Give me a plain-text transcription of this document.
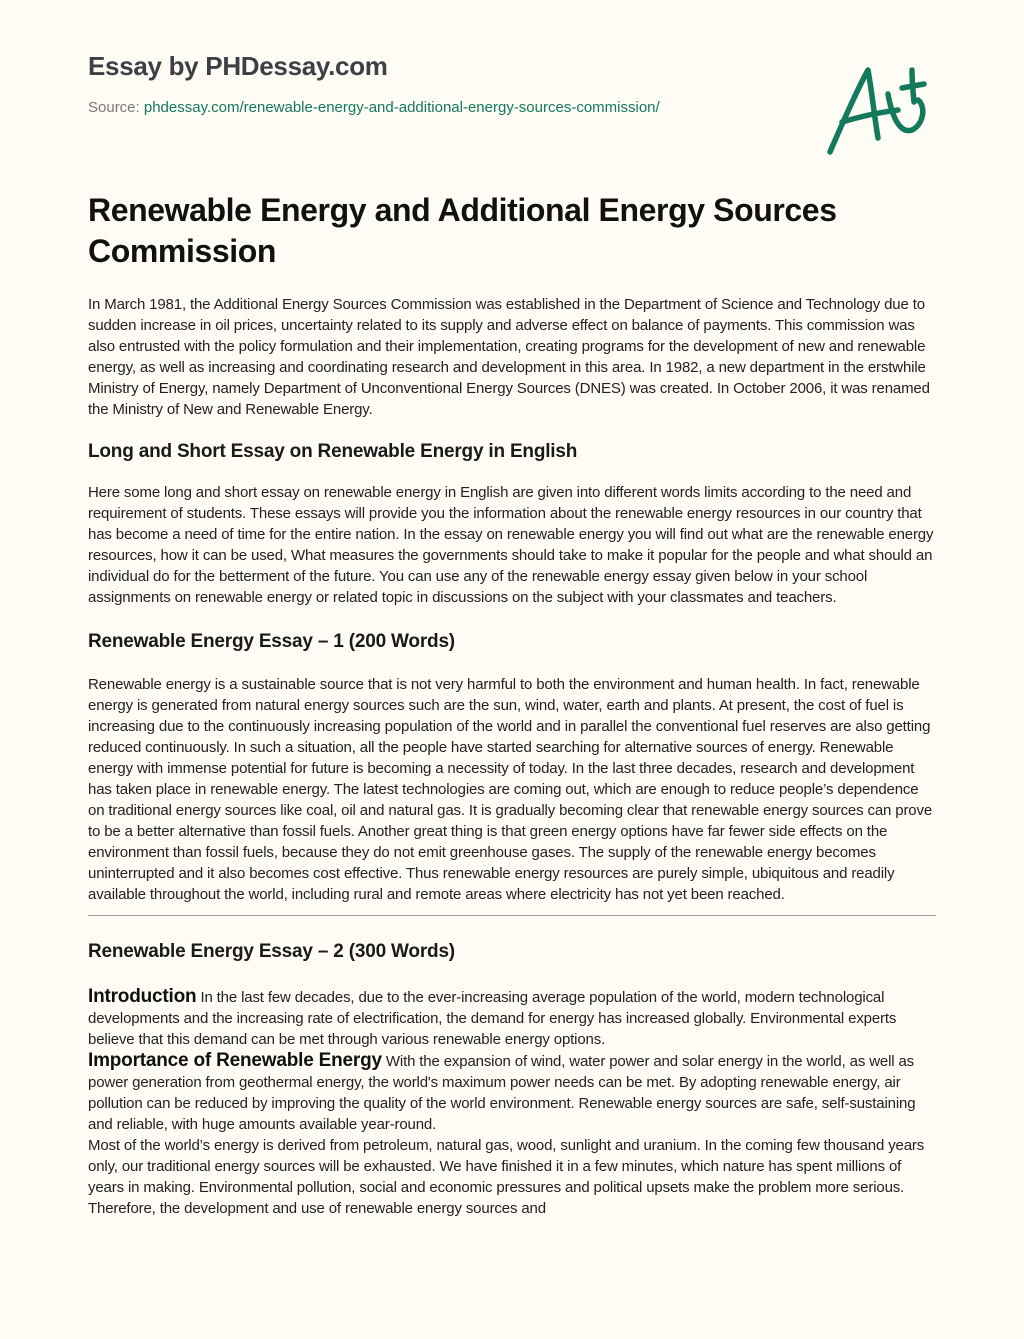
Essay by PHDessay.com
Source: phdessay.com/renewable-energy-and-additional-energy-sources-commission/
Renewable Energy and Additional Energy Sources Commission

In March 1981, the Additional Energy Sources Commission was established in the Department of Science and Technology due to sudden increase in oil prices, uncertainty related to its supply and adverse effect on balance of payments. This commission was also entrusted with the policy formulation and their implementation, creating programs for the development of new and renewable energy, as well as increasing and coordinating research and development in this area. In 1982, a new department in the erstwhile Ministry of Energy, namely Department of Unconventional Energy Sources (DNES) was created. In October 2006, it was renamed the Ministry of New and Renewable Energy.

Long and Short Essay on Renewable Energy in English

Here some long and short essay on renewable energy in English are given into different words limits according to the need and requirement of students. These essays will provide you the information about the renewable energy resources in our country that has become a need of time for the entire nation. In the essay on renewable energy you will find out what are the renewable energy resources, how it can be used, What measures the governments should take to make it popular for the people and what should an individual do for the betterment of the future. You can use any of the renewable energy essay given below in your school assignments on renewable energy or related topic in discussions on the subject with your classmates and teachers.

Renewable Energy Essay – 1 (200 Words)

Renewable energy is a sustainable source that is not very harmful to both the environment and human health. In fact, renewable energy is generated from natural energy sources such are the sun, wind, water, earth and plants. At present, the cost of fuel is increasing due to the continuously increasing population of the world and in parallel the conventional fuel reserves are also getting reduced continuously. In such a situation, all the people have started searching for alternative sources of energy. Renewable energy with immense potential for future is becoming a necessity of today. In the last three decades, research and development has taken place in renewable energy. The latest technologies are coming out, which are enough to reduce people’s dependence on traditional energy sources like coal, oil and natural gas. It is gradually becoming clear that renewable energy sources can prove to be a better alternative than fossil fuels. Another great thing is that green energy options have far fewer side effects on the environment than fossil fuels, because they do not emit greenhouse gases. The supply of the renewable energy becomes uninterrupted and it also becomes cost effective. Thus renewable energy resources are purely simple, ubiquitous and readily available throughout the world, including rural and remote areas where electricity has not yet been reached.

Renewable Energy Essay – 2 (300 Words)

Introduction In the last few decades, due to the ever-increasing average population of the world, modern technological developments and the increasing rate of electrification, the demand for energy has increased globally. Environmental experts believe that this demand can be met through various renewable energy options.

Importance of Renewable Energy With the expansion of wind, water power and solar energy in the world, as well as power generation from geothermal energy, the world's maximum power needs can be met. By adopting renewable energy, air pollution can be reduced by improving the quality of the world environment. Renewable energy sources are safe, self-sustaining and reliable, with huge amounts available year-round.

Most of the world’s energy is derived from petroleum, natural gas, wood, sunlight and uranium. In the coming few thousand years only, our traditional energy sources will be exhausted. We have finished it in a few minutes, which nature has spent millions of years in making. Environmental pollution, social and economic pressures and political upsets make the problem more serious. Therefore, the development and use of renewable energy sources and
